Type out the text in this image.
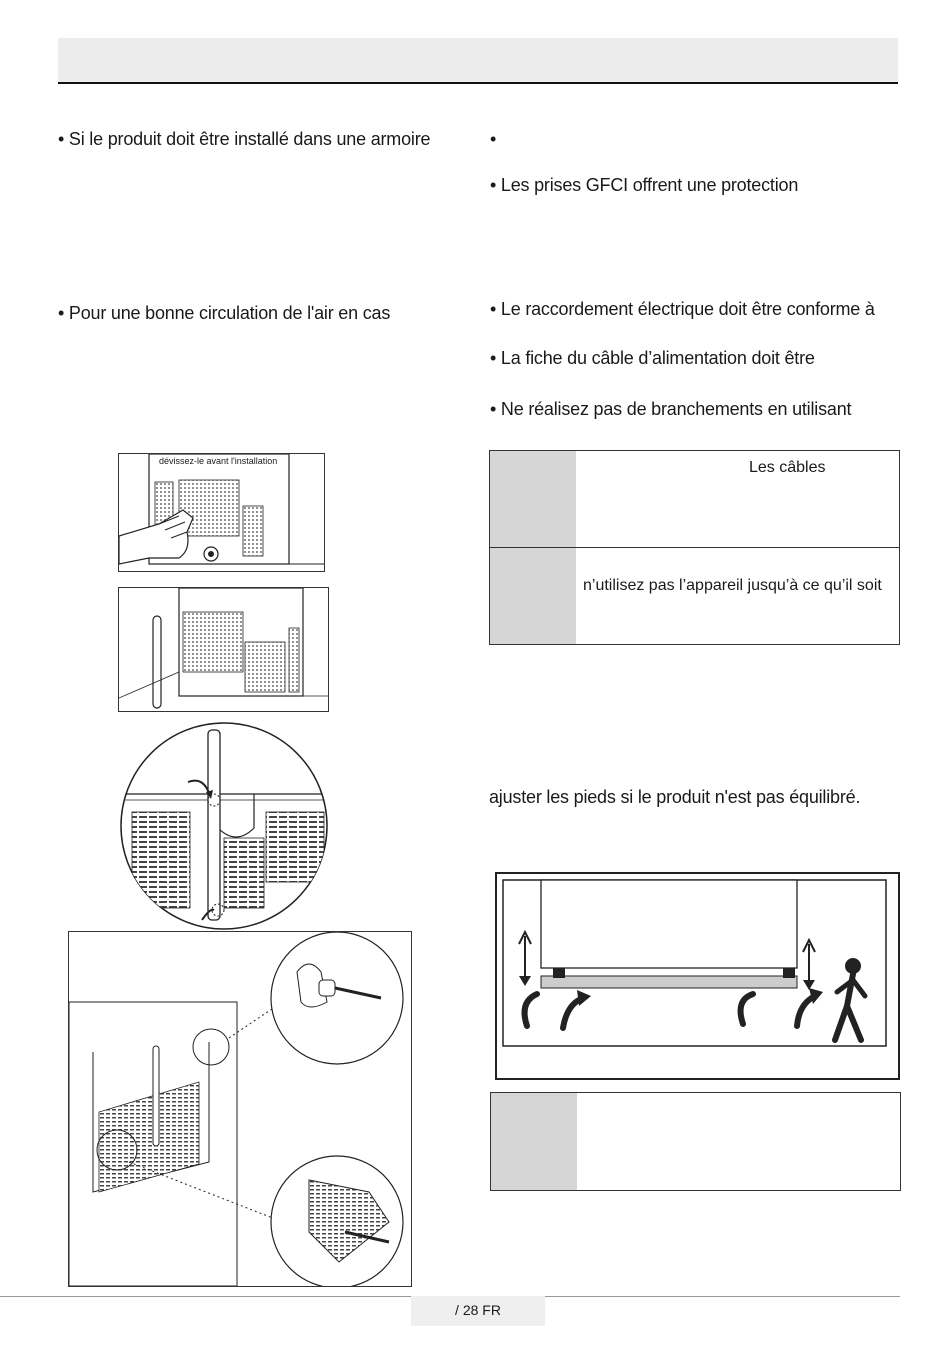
• Si le produit doit être installé dans une armoire
• Pour une bonne circulation de l'air en cas
•
• Les prises GFCI offrent une protection
• Le raccordement électrique doit être conforme à
• La fiche du câble d’alimentation doit être
• Ne réalisez pas de branchements en utilisant
Les câbles
n’utilisez pas l’appareil jusqu’à ce qu’il soit
ajuster les pieds si le produit n'est pas équilibré.
dévissez-le avant l'installation
/ 28 FR
